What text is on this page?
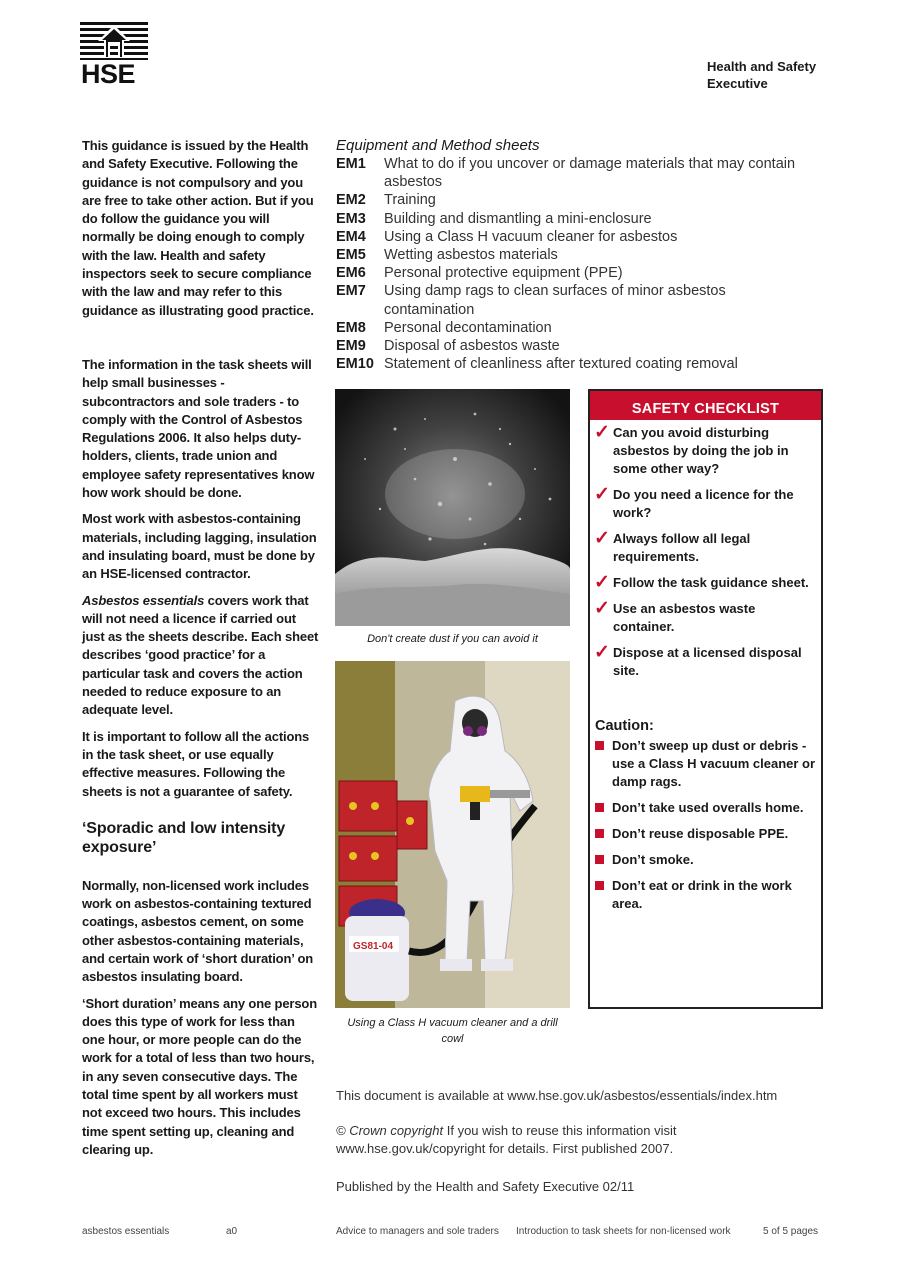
HSE	Health and Safety
Executive

This guidance is issued by the Health and Safety Executive. Following the guidance is not compulsory and you are free to take other action. But if you do follow the guidance you will normally be doing enough to comply with the law. Health and safety inspectors seek to secure compliance with the law and may refer to this guidance as illustrating good practice.

The information in the task sheets will help small businesses - subcontractors and sole traders - to comply with the Control of Asbestos Regulations 2006. It also helps duty-holders, clients, trade union and employee safety representatives know how work should be done.

Most work with asbestos-containing materials, including lagging, insulation and insulating board, must be done by an HSE-licensed contractor.

Asbestos essentials covers work that will not need a licence if carried out just as the sheets describe. Each sheet describes ‘good practice’ for a particular task and covers the action needed to reduce exposure to an adequate level.

It is important to follow all the actions in the task sheet, or use equally effective measures. Following the sheets is not a guarantee of safety.

‘Sporadic and low intensity exposure’

Normally, non-licensed work includes work on asbestos-containing textured coatings, asbestos cement, on some other asbestos-containing materials, and certain work of ‘short duration’ on asbestos insulating board.

‘Short duration’ means any one person does this type of work for less than one hour, or more people can do the work for a total of less than two hours, in any seven consecutive days. The total time spent by all workers must not exceed two hours. This includes time spent setting up, cleaning and clearing up.

Equipment and Method sheets
EM1	What to do if you uncover or damage materials that may contain asbestos
EM2	Training
EM3	Building and dismantling a mini-enclosure
EM4	Using a Class H vacuum cleaner for asbestos
EM5	Wetting asbestos materials
EM6	Personal protective equipment (PPE)
EM7	Using damp rags to clean surfaces of minor asbestos contamination
EM8	Personal decontamination
EM9	Disposal of asbestos waste
EM10 Statement of cleanliness after textured coating removal
Don't create dust if you can avoid it
GS81-04
Using a Class H vacuum cleaner and a drill cowl
SAFETY CHECKLIST
✓ Can you avoid disturbing asbestos by doing the job in some other way?
✓ Do you need a licence for the work?
✓ Always follow all legal requirements.
✓ Follow the task guidance sheet.
✓ Use an asbestos waste container.
✓ Dispose at a licensed disposal site.
Caution:
Don’t sweep up dust or debris - use a Class H vacuum cleaner or damp rags.
Don’t take used overalls home.
Don’t reuse disposable PPE.
Don’t smoke.
Don’t eat or drink in the work area.
This document is available at www.hse.gov.uk/asbestos/essentials/index.htm
© Crown copyright If you wish to reuse this information visit www.hse.gov.uk/copyright for details. First published 2007.
Published by the Health and Safety Executive 02/11
asbestos essentials	a0	Advice to managers and sole traders Introduction to task sheets for non-licensed work	5 of 5 pages
